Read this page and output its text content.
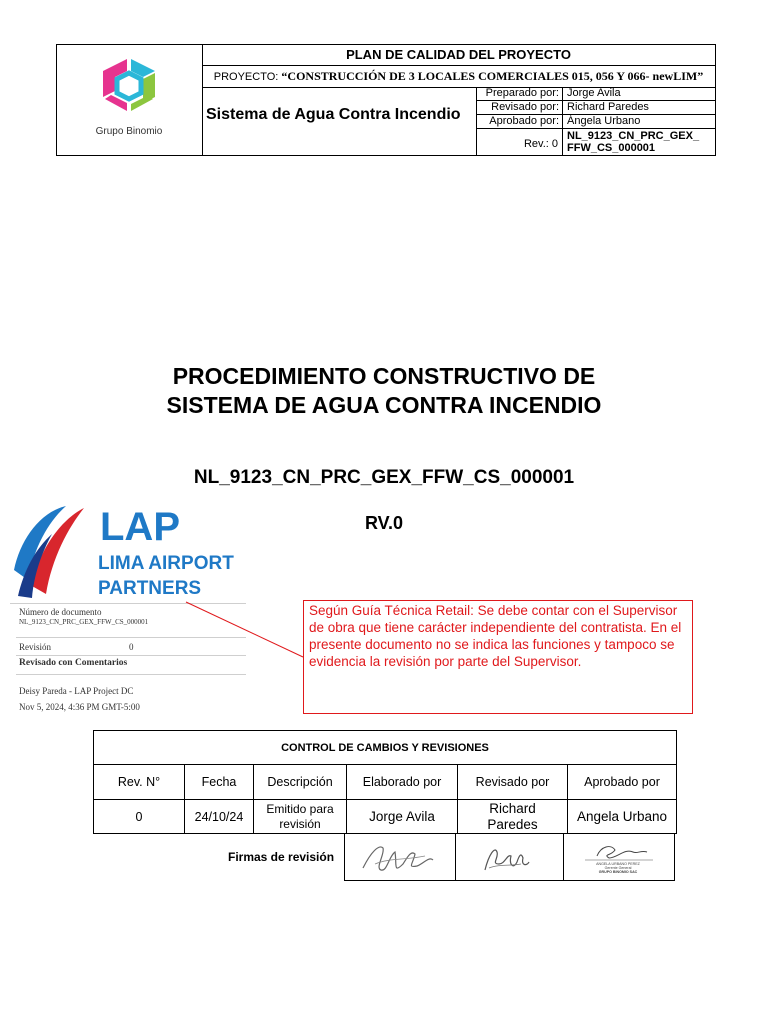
Grupo Binomio
PLAN DE CALIDAD DEL PROYECTO
PROYECTO: “CONSTRUCCIÓN DE 3 LOCALES COMERCIALES 015, 056 Y 066- newLIM”
Sistema de Agua Contra Incendio
Preparado por: Jorge Avila
Revisado por: Richard Paredes
Aprobado por: Ángela Urbano
Rev.: 0
NL_9123_CN_PRC_GEX_ FFW_CS_000001
PROCEDIMIENTO CONSTRUCTIVO DE
SISTEMA DE AGUA CONTRA INCENDIO
NL_9123_CN_PRC_GEX_FFW_CS_000001
RV.0
LAP
LIMA AIRPORT
PARTNERS
Número de documento
NL_9123_CN_PRC_GEX_FFW_CS_000001
Revisión	0
Revisado con Comentarios
Deisy Pareda - LAP Project DC
Nov 5, 2024, 4:36 PM GMT-5:00
Según Guía Técnica Retail: Se debe contar con el Supervisor de obra que tiene carácter independiente del contratista. En el presente documento no se indica las funciones y tampoco se evidencia la revisión por parte del Supervisor.
CONTROL DE CAMBIOS Y REVISIONES					
Rev. N°	Fecha	Descripción	Elaborado por	Revisado por	Aprobado por
0	24/10/24	Emitido para revisión	Jorge Avila	Richard Paredes	Angela Urbano
Firmas de revisión	ANGELA URBANO PEREZ
Gerente General
GRUPO BINOMIO SAC
